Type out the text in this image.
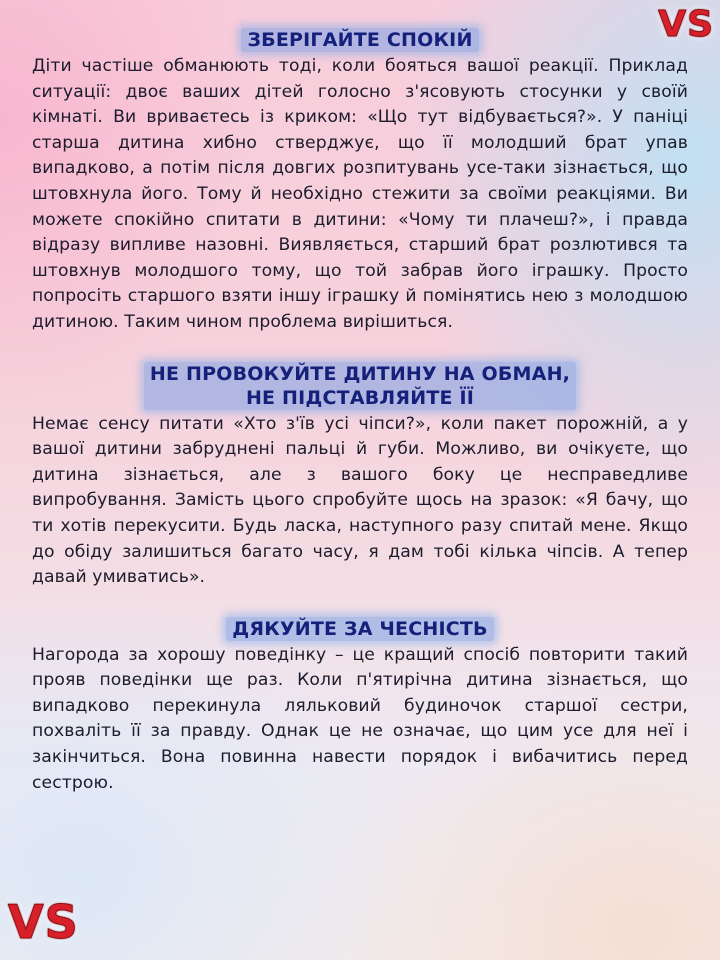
VS
ЗБЕРІГАЙТЕ СПОКІЙ

Діти частіше обманюють тоді, коли бояться вашої реакції. Приклад ситуації: двоє ваших дітей голосно з'ясовують стосунки у своїй кімнаті. Ви вриваєтесь із криком: «Що тут відбувається?». У паніці старша дитина хибно стверджує, що її молодший брат упав випадково, а потім після довгих розпитувань усе-таки зізнається, що штовхнула його. Тому й необхідно стежити за своїми реакціями. Ви можете спокійно спитати в дитини: «Чому ти плачеш?», і правда відразу випливе назовні. Виявляється, старший брат розлютився та штовхнув молодшого тому, що той забрав його іграшку. Просто попросіть старшого взяти іншу іграшку й помінятись нею з молодшою дитиною. Таким чином проблема вирішиться.

НЕ ПРОВОКУЙТЕ ДИТИНУ НА ОБМАН,
НЕ ПІДСТАВЛЯЙТЕ ЇЇ

Немає сенсу питати «Хто з'їв усі чіпси?», коли пакет порожній, а у вашої дитини забруднені пальці й губи. Можливо, ви очікуєте, що дитина зізнається, але з вашого боку це несправедливе випробування. Замість цього спробуйте щось на зразок: «Я бачу, що ти хотів перекусити. Будь ласка, наступного разу спитай мене. Якщо до обіду залишиться багато часу, я дам тобі кілька чіпсів. А тепер давай умиватись».

ДЯКУЙТЕ ЗА ЧЕСНІСТЬ

Нагорода за хорошу поведінку – це кращий спосіб повторити такий прояв поведінки ще раз. Коли п'ятирічна дитина зізнається, що випадково перекинула ляльковий будиночок старшої сестри, похваліть її за правду. Однак це не означає, що цим усе для неї і закінчиться. Вона повинна навести порядок і вибачитись перед сестрою.

VS
